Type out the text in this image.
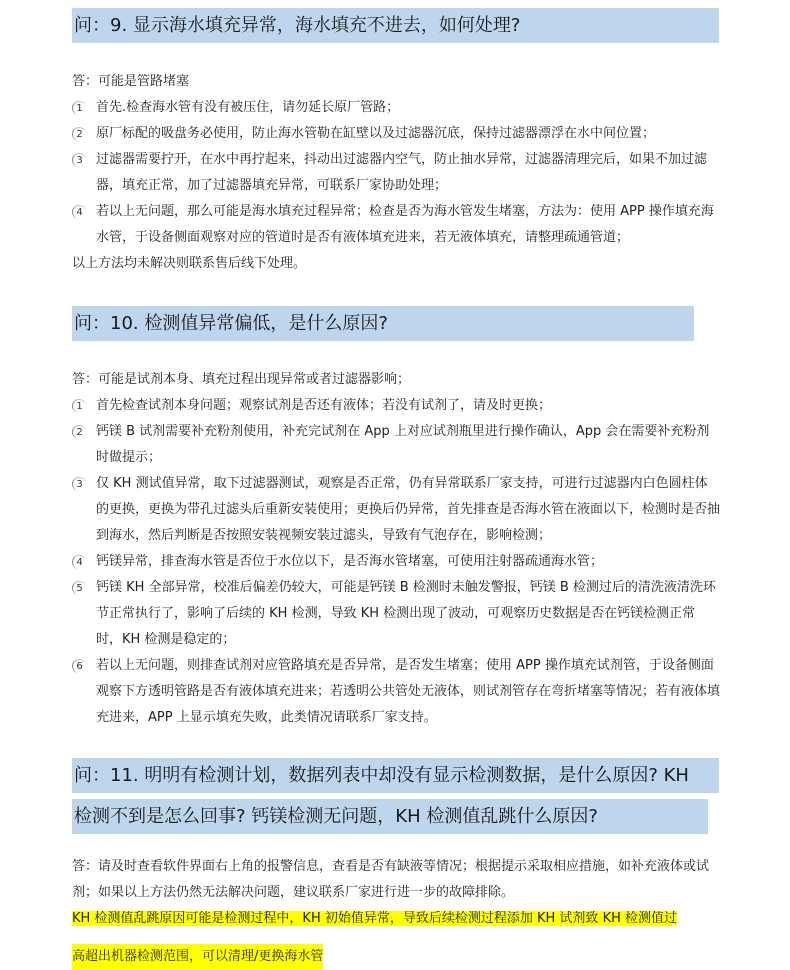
问：9. 显示海水填充异常，海水填充不进去，如何处理?
答：可能是管路堵塞
1 首先.检查海水管有没有被压住，请勿延长原厂管路；
2 原厂标配的吸盘务必使用，防止海水管勒在缸壁以及过滤器沉底，保持过滤器漂浮在水中间位置；
3 过滤器需要拧开，在水中再拧起来，抖动出过滤器内空气，防止抽水异常，过滤器清理完后，如果不加过滤器，填充正常，加了过滤器填充异常，可联系厂家协助处理；
4 若以上无问题，那么可能是海水填充过程异常；检查是否为海水管发生堵塞，方法为：使用 APP 操作填充海水管，于设备侧面观察对应的管道时是否有液体填充进来，若无液体填充，请整理疏通管道；
以上方法均未解决则联系售后线下处理。
问：10. 检测值异常偏低，是什么原因?
答：可能是试剂本身、填充过程出现异常或者过滤器影响；
1 首先检查试剂本身问题；观察试剂是否还有液体；若没有试剂了，请及时更换；
2 钙镁 B 试剂需要补充粉剂使用，补充完试剂在 App 上对应试剂瓶里进行操作确认，App 会在需要补充粉剂时做提示；
3 仅 KH 测试值异常，取下过滤器测试，观察是否正常，仍有异常联系厂家支持，可进行过滤器内白色圆柱体的更换，更换为带孔过滤头后重新安装使用；更换后仍异常，首先排查是否海水管在液面以下，检测时是否抽到海水，然后判断是否按照安装视频安装过滤头，导致有气泡存在，影响检测；
4 钙镁异常，排查海水管是否位于水位以下，是否海水管堵塞，可使用注射器疏通海水管；
5 钙镁 KH 全部异常，校准后偏差仍较大，可能是钙镁 B 检测时未触发警报，钙镁 B 检测过后的清洗液清洗环节正常执行了，影响了后续的 KH 检测，导致 KH 检测出现了波动，可观察历史数据是否在钙镁检测正常时，KH 检测是稳定的；
6 若以上无问题，则排查试剂对应管路填充是否异常，是否发生堵塞；使用 APP 操作填充试剂管，于设备侧面观察下方透明管路是否有液体填充进来；若透明公共管处无液体，则试剂管存在弯折堵塞等情况；若有液体填充进来，APP 上显示填充失败，此类情况请联系厂家支持。
问：11. 明明有检测计划，数据列表中却没有显示检测数据，是什么原因? KH 检测不到是怎么回事? 钙镁检测无问题，KH 检测值乱跳什么原因?
答：请及时查看软件界面右上角的报警信息，查看是否有缺液等情况；根据提示采取相应措施，如补充液体或试剂；如果以上方法仍然无法解决问题，建议联系厂家进行进一步的故障排除。
KH 检测值乱跳原因可能是检测过程中，KH 初始值异常，导致后续检测过程添加 KH 试剂致 KH 检测值过
高超出机器检测范围，可以清理/更换海水管
